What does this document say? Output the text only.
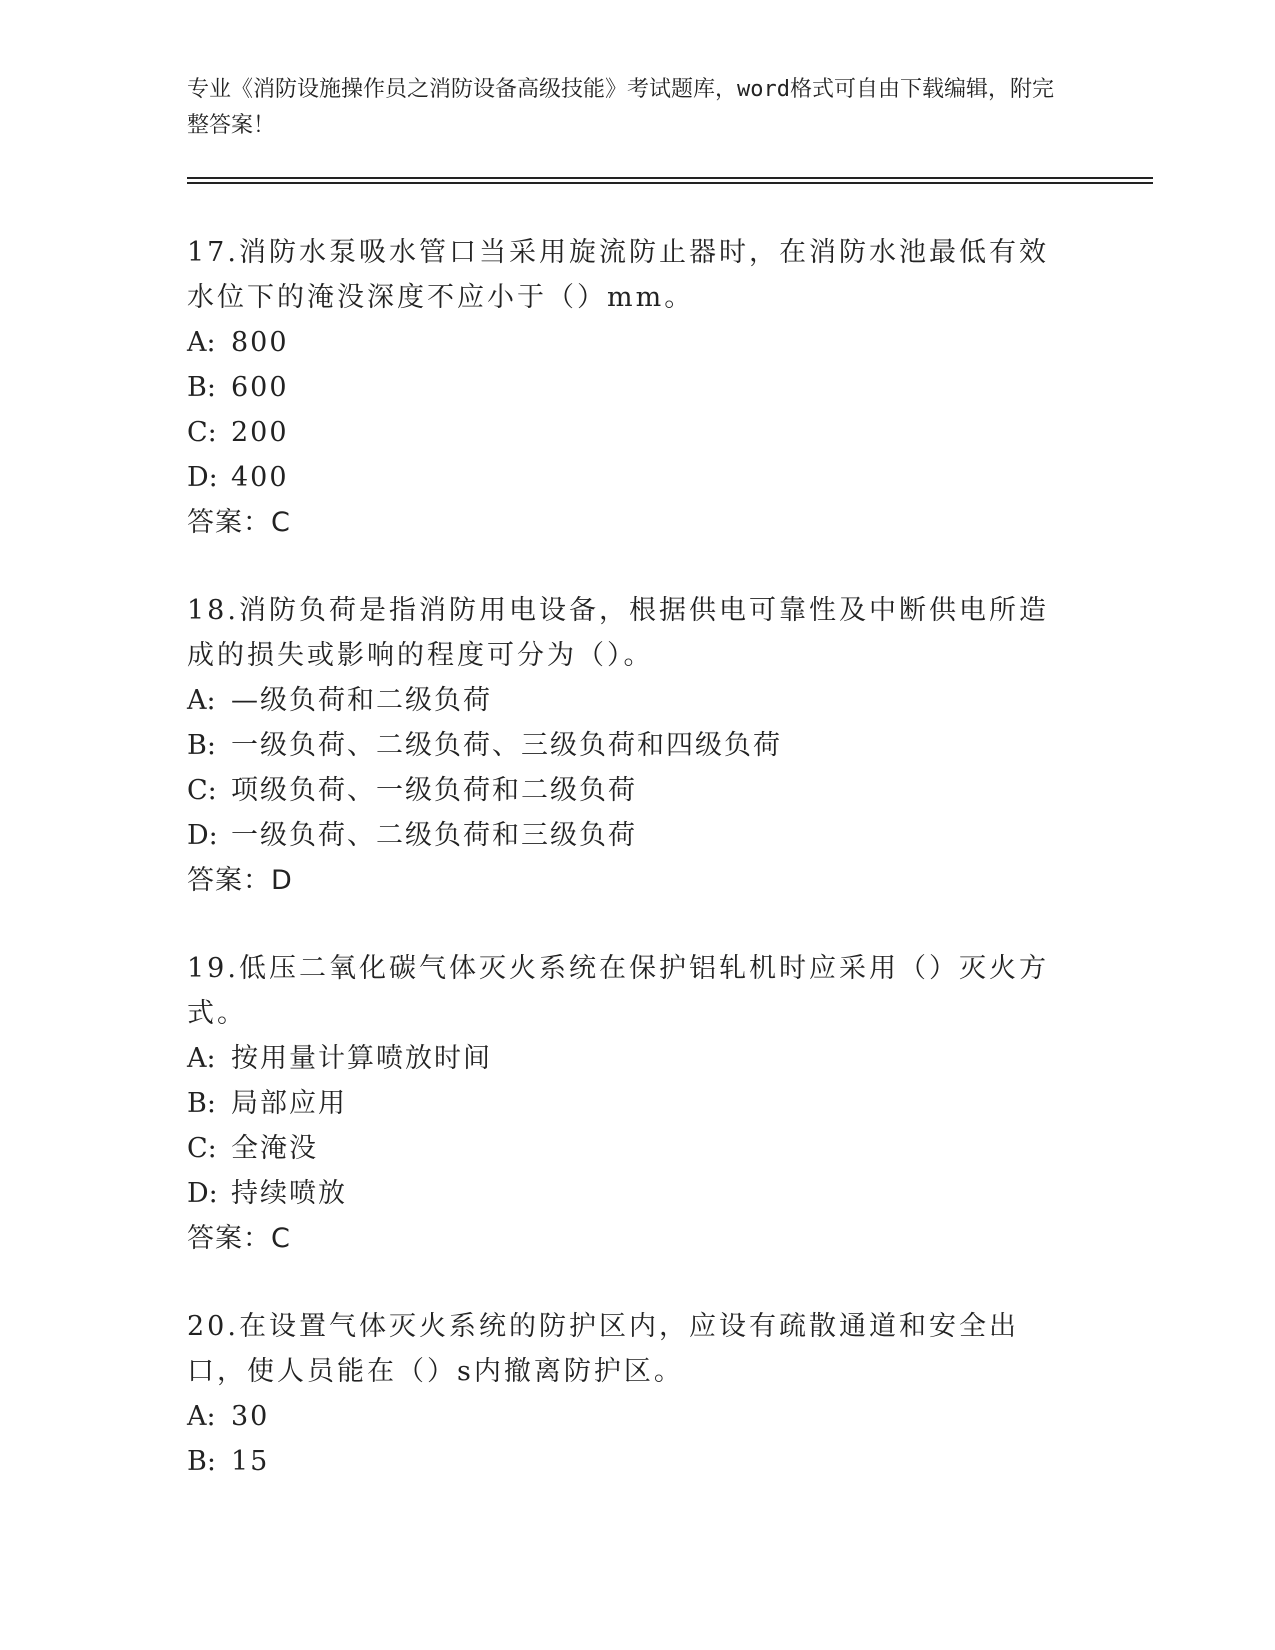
专业《消防设施操作员之消防设备高级技能》考试题库，word格式可自由下载编辑，附完整答案！
17.消防水泵吸水管口当采用旋流防止器时，在消防水池最低有效水位下的淹没深度不应小于（）mm。
A: 800
B: 600
C: 200
D: 400
答案：C
18.消防负荷是指消防用电设备，根据供电可靠性及中断供电所造成的损失或影响的程度可分为（）。
A: —级负荷和二级负荷
B: 一级负荷、二级负荷、三级负荷和四级负荷
C: 项级负荷、一级负荷和二级负荷
D: 一级负荷、二级负荷和三级负荷
答案：D
19.低压二氧化碳气体灭火系统在保护铝轧机时应采用（）灭火方式。
A: 按用量计算喷放时间
B: 局部应用
C: 全淹没
D: 持续喷放
答案：C
20.在设置气体灭火系统的防护区内，应设有疏散通道和安全出口，使人员能在（）s内撤离防护区。
A: 30
B: 15
